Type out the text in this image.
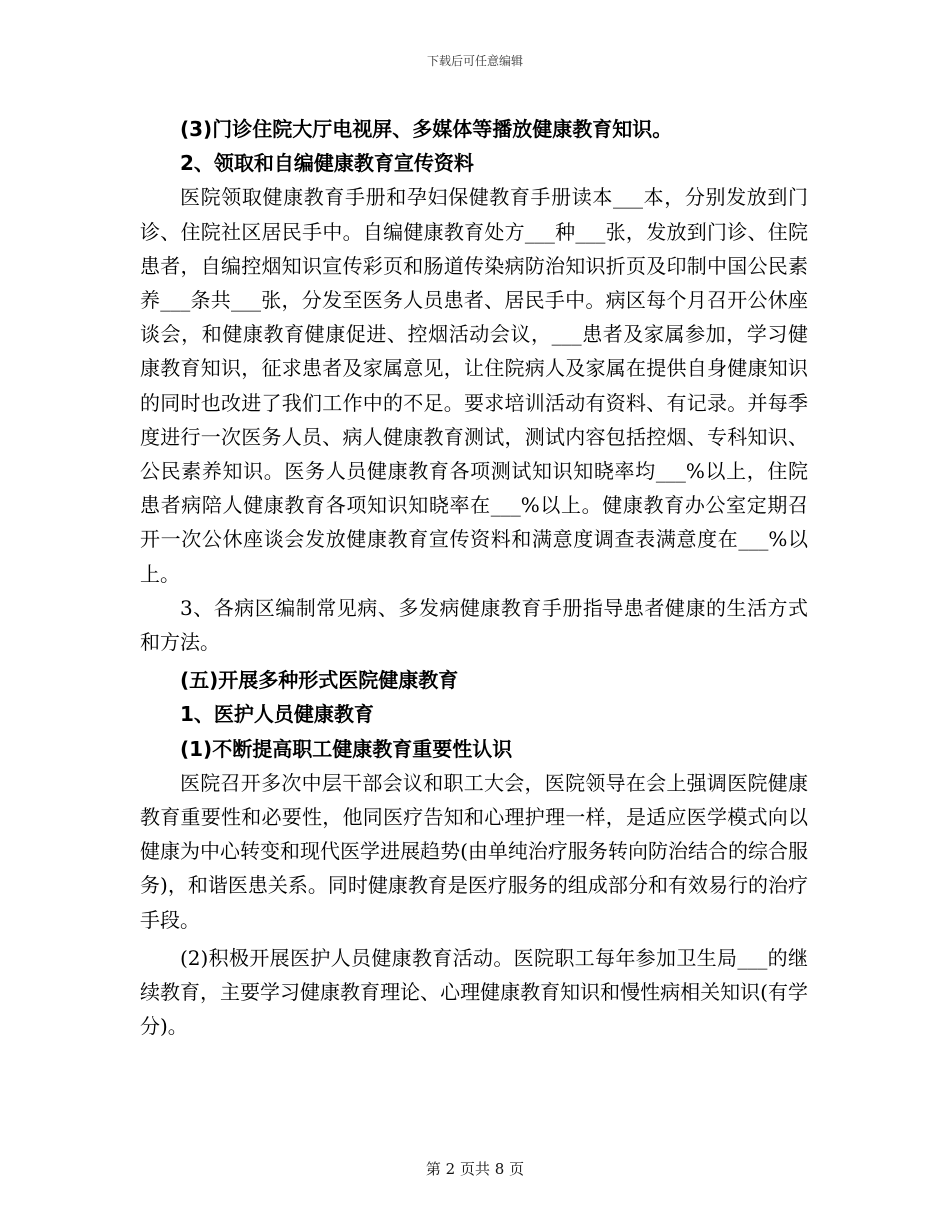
下载后可任意编辑

(3)门诊住院大厅电视屏、多媒体等播放健康教育知识。

2、领取和自编健康教育宣传资料

医院领取健康教育手册和孕妇保健教育手册读本___本，分别发放到门诊、住院社区居民手中。自编健康教育处方___种___张，发放到门诊、住院患者，自编控烟知识宣传彩页和肠道传染病防治知识折页及印制中国公民素养___条共___张，分发至医务人员患者、居民手中。病区每个月召开公休座谈会，和健康教育健康促进、控烟活动会议，___患者及家属参加，学习健康教育知识，征求患者及家属意见，让住院病人及家属在提供自身健康知识的同时也改进了我们工作中的不足。要求培训活动有资料、有记录。并每季度进行一次医务人员、病人健康教育测试，测试内容包括控烟、专科知识、公民素养知识。医务人员健康教育各项测试知识知晓率均___%以上，住院患者病陪人健康教育各项知识知晓率在___%以上。健康教育办公室定期召开一次公休座谈会发放健康教育宣传资料和满意度调查表满意度在___%以上。

3、各病区编制常见病、多发病健康教育手册指导患者健康的生活方式和方法。

(五)开展多种形式医院健康教育

1、医护人员健康教育

(1)不断提高职工健康教育重要性认识

医院召开多次中层干部会议和职工大会，医院领导在会上强调医院健康教育重要性和必要性，他同医疗告知和心理护理一样，是适应医学模式向以健康为中心转变和现代医学进展趋势(由单纯治疗服务转向防治结合的综合服务)，和谐医患关系。同时健康教育是医疗服务的组成部分和有效易行的治疗手段。

(2)积极开展医护人员健康教育活动。医院职工每年参加卫生局___的继续教育，主要学习健康教育理论、心理健康教育知识和慢性病相关知识(有学分)。

第 2 页共 8 页
